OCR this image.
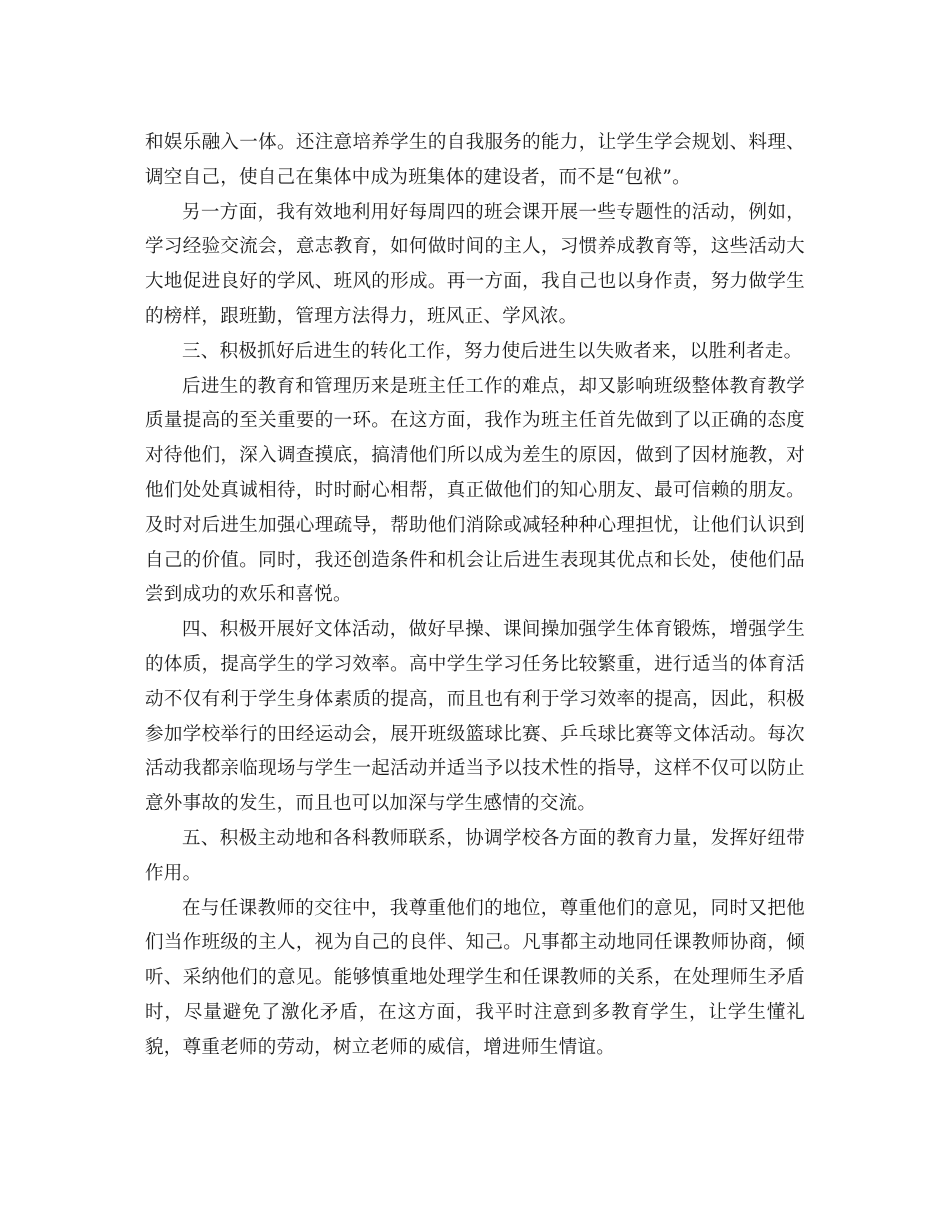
和娱乐融入一体。还注意培养学生的自我服务的能力，让学生学会规划、料理、调空自己，使自己在集体中成为班集体的建设者，而不是“包袱”。

另一方面，我有效地利用好每周四的班会课开展一些专题性的活动，例如，学习经验交流会，意志教育，如何做时间的主人，习惯养成教育等，这些活动大大地促进良好的学风、班风的形成。再一方面，我自己也以身作责，努力做学生的榜样，跟班勤，管理方法得力，班风正、学风浓。

三、积极抓好后进生的转化工作，努力使后进生以失败者来，以胜利者走。

后进生的教育和管理历来是班主任工作的难点，却又影响班级整体教育教学质量提高的至关重要的一环。在这方面，我作为班主任首先做到了以正确的态度对待他们，深入调查摸底，搞清他们所以成为差生的原因，做到了因材施教，对他们处处真诚相待，时时耐心相帮，真正做他们的知心朋友、最可信赖的朋友。及时对后进生加强心理疏导，帮助他们消除或减轻种种心理担忧，让他们认识到自己的价值。同时，我还创造条件和机会让后进生表现其优点和长处，使他们品尝到成功的欢乐和喜悦。

四、积极开展好文体活动，做好早操、课间操加强学生体育锻炼，增强学生的体质，提高学生的学习效率。高中学生学习任务比较繁重，进行适当的体育活动不仅有利于学生身体素质的提高，而且也有利于学习效率的提高，因此，积极参加学校举行的田经运动会，展开班级篮球比赛、乒乓球比赛等文体活动。每次活动我都亲临现场与学生一起活动并适当予以技术性的指导，这样不仅可以防止意外事故的发生，而且也可以加深与学生感情的交流。

五、积极主动地和各科教师联系，协调学校各方面的教育力量，发挥好纽带作用。

在与任课教师的交往中，我尊重他们的地位，尊重他们的意见，同时又把他们当作班级的主人，视为自己的良伴、知己。凡事都主动地同任课教师协商，倾听、采纳他们的意见。能够慎重地处理学生和任课教师的关系，在处理师生矛盾时，尽量避免了激化矛盾，在这方面，我平时注意到多教育学生，让学生懂礼貌，尊重老师的劳动，树立老师的威信，增进师生情谊。
